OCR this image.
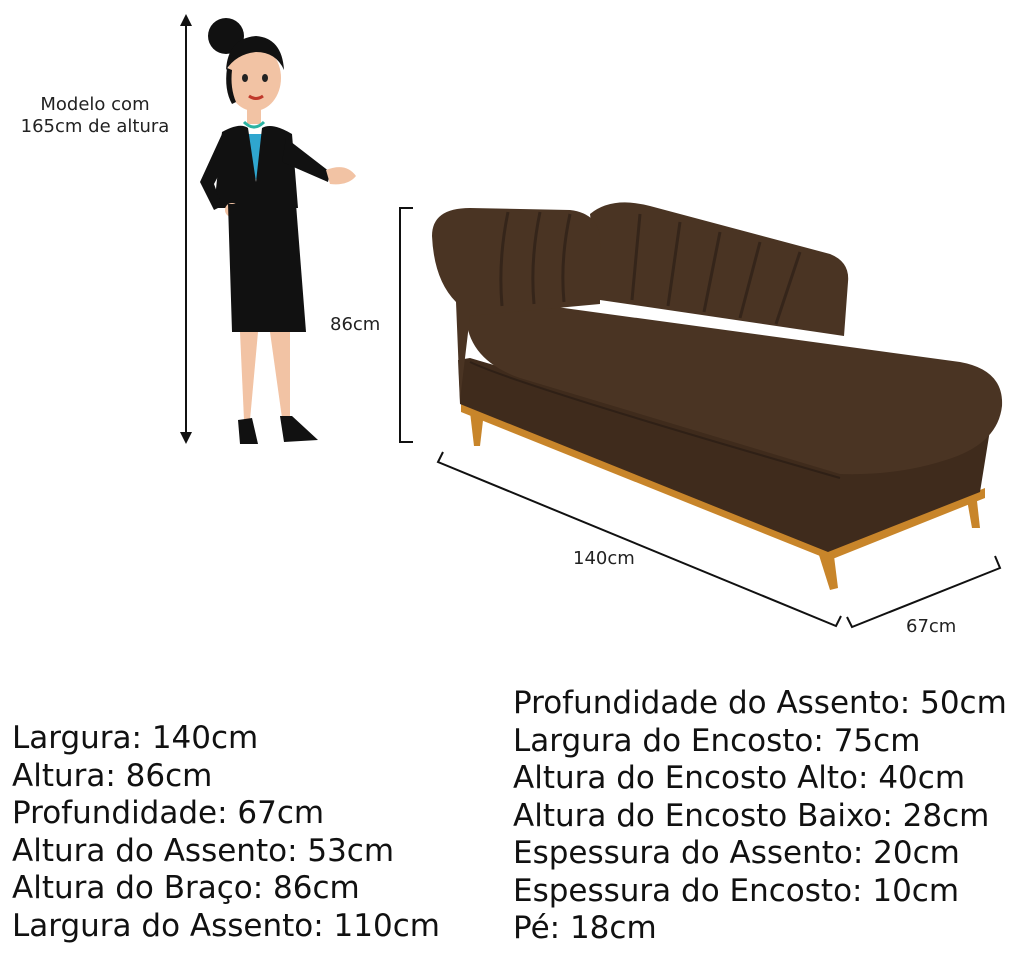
Modelo com
165cm de altura
86cm
140cm
67cm
Largura: 140cm
Altura: 86cm
Profundidade: 67cm
Altura do Assento: 53cm
Altura do Braço: 86cm
Largura do Assento: 110cm
Profundidade do Assento: 50cm
Largura do Encosto: 75cm
Altura do Encosto Alto: 40cm
Altura do Encosto Baixo: 28cm
Espessura do Assento: 20cm
Espessura do Encosto: 10cm
Pé: 18cm
